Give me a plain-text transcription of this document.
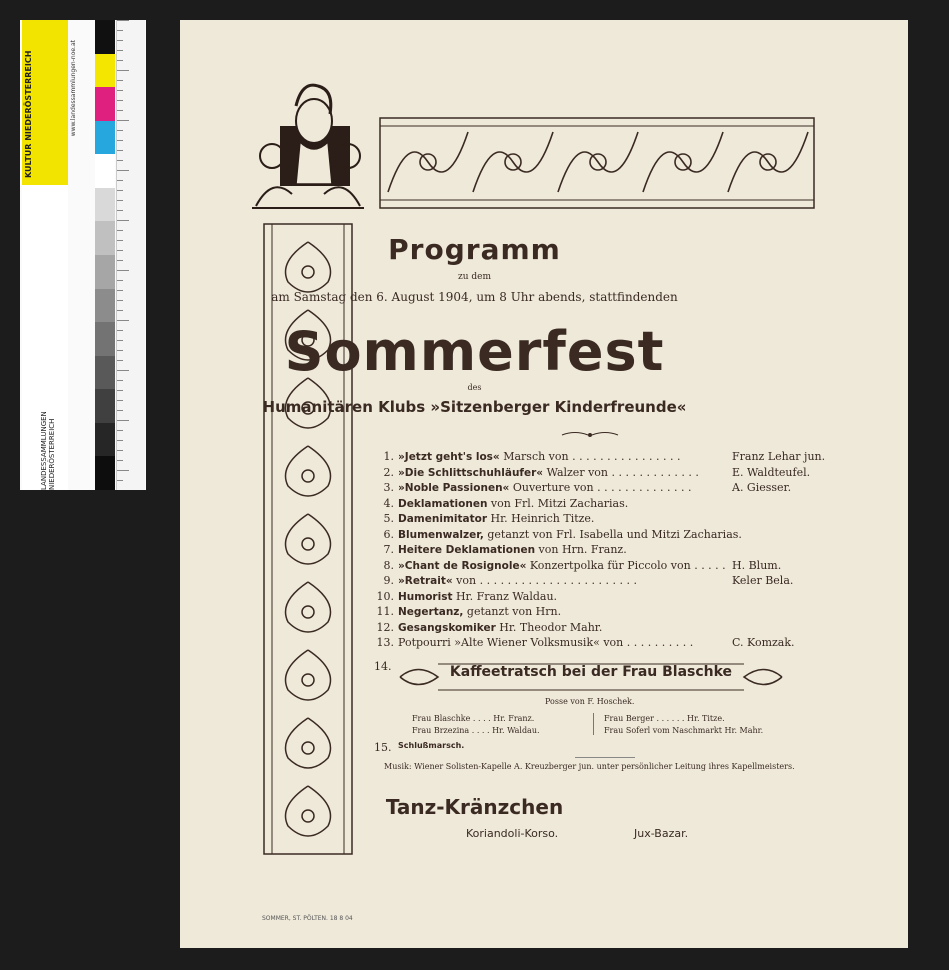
KULTUR NIEDERÖSTERREICH
LANDESSAMMLUNGEN NIEDERÖSTERREICH
www.landessammlungen-noe.at
Programm
zu dem
am Samstag den 6. August 1904, um 8 Uhr abends, stattfindenden
Sommerfest
des
Humanitären Klubs »Sitzenberger Kinderfreunde«
1. »Jetzt geht's los« Marsch von . . . . . . . . . . . . . . . .	Franz Lehar jun.
2. »Die Schlittschuhläufer« Walzer von . . . . . . . . . . . . .	E. Waldteufel.
3. »Noble Passionen« Ouverture von . . . . . . . . . . . . . .	A. Giesser.
4. Deklamationen von Frl. Mitzi Zacharias.
5. Damenimitator Hr. Heinrich Titze.
6. Blumenwalzer, getanzt von Frl. Isabella und Mitzi Zacharias.
7. Heitere Deklamationen von Hrn. Franz.
8. »Chant de Rosignole« Konzertpolka für Piccolo von . . . . . H. Blum.
9. »Retrait« von . . . . . . . . . . . . . . . . . . . . . . .	Keler Bela.
10. Humorist Hr. Franz Waldau.
11. Negertanz, getanzt von Hrn.
12. Gesangskomiker Hr. Theodor Mahr.
13. Potpourri »Alte Wiener Volksmusik« von . . . . . . . . . .	C. Komzak.
14.	Kaffeetratsch bei der Frau Blaschke
Posse von F. Hoschek.
Frau Blaschke . . . . Hr. Franz.
Frau Brzezina . . . . Hr. Waldau.
Frau Berger . . . . . . Hr. Titze.
Frau Soferl vom Naschmarkt Hr. Mahr.
15. Schlußmarsch.
Musik: Wiener Solisten-Kapelle A. Kreuzberger jun. unter persönlicher Leitung ihres Kapellmeisters.
Tanz-Kränzchen
Koriandoli-Korso.	Jux-Bazar.
SOMMER, ST. PÖLTEN. 18 8 04
